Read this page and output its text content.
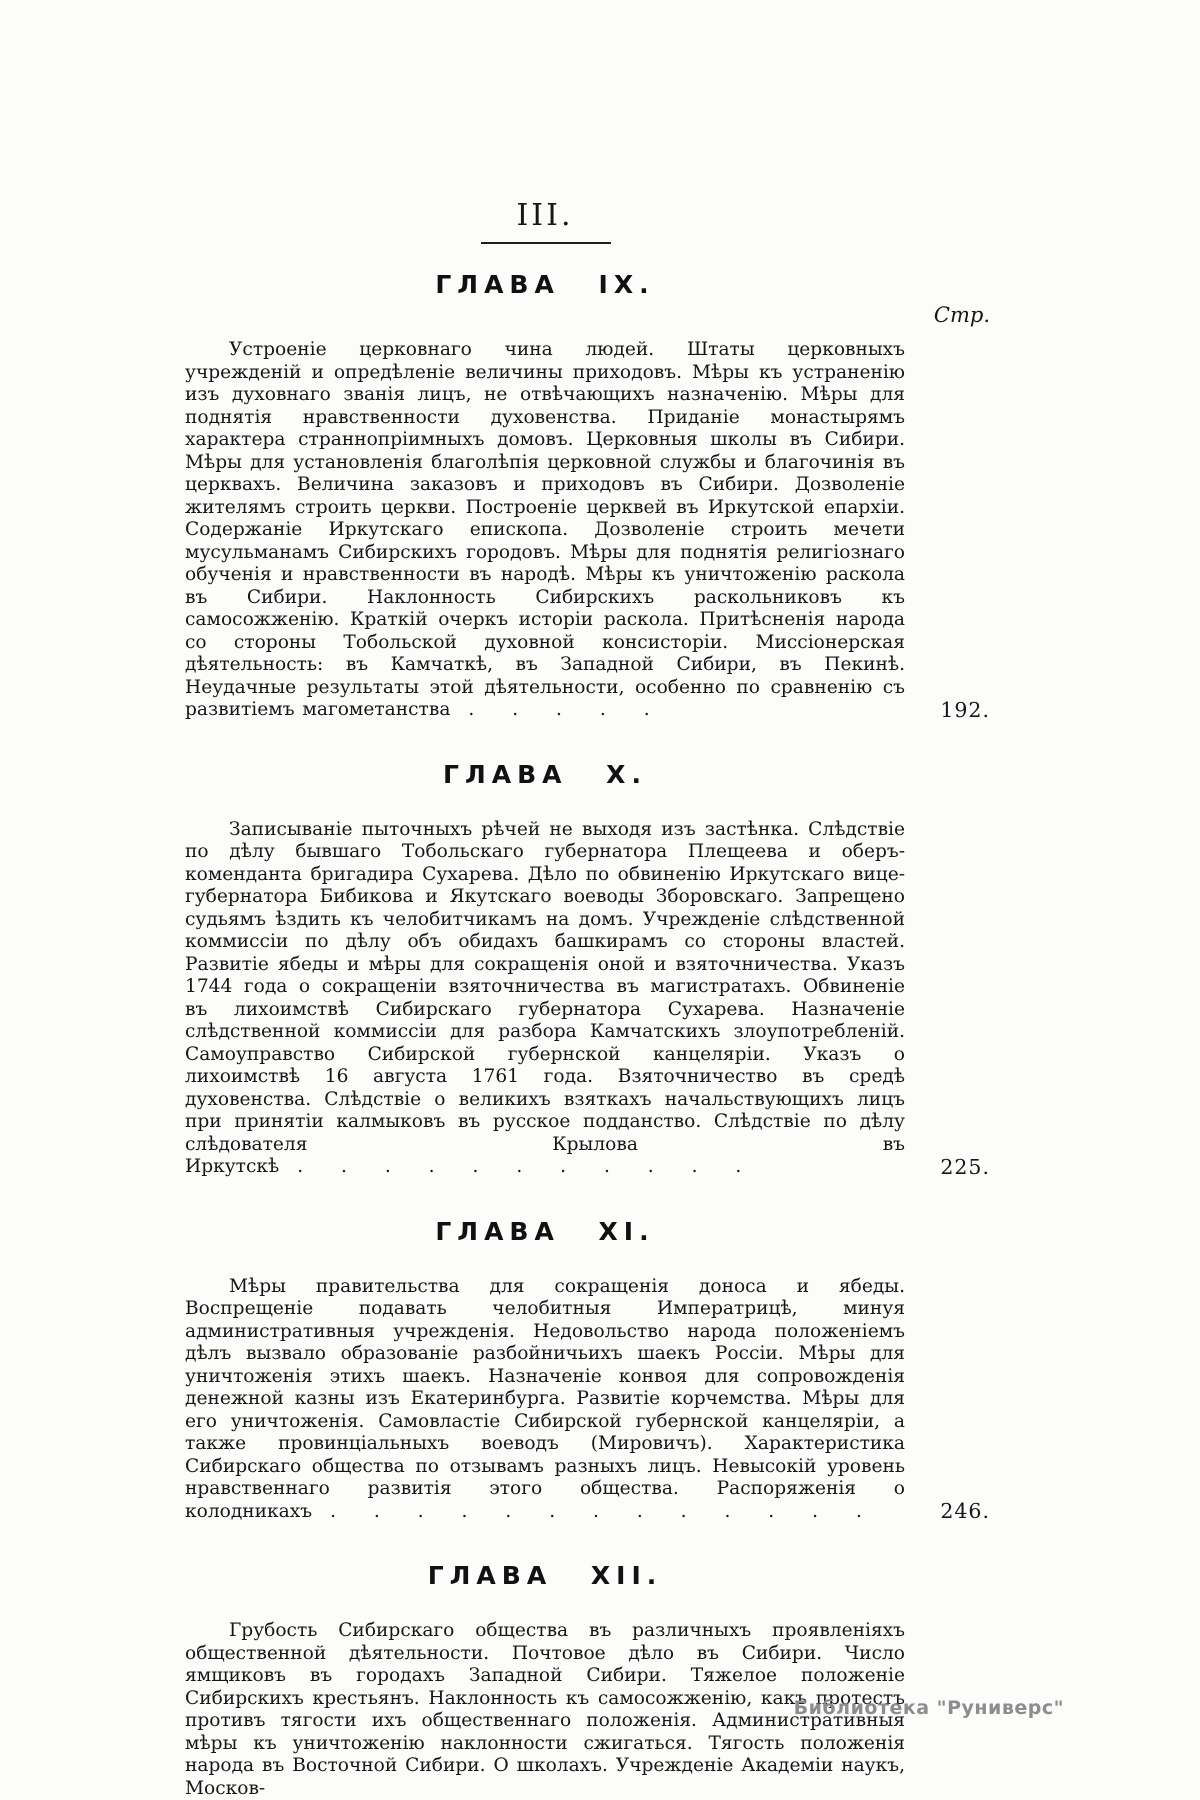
III.
ГЛАВА IX.
Стр.

Устроеніе церковнаго чина людей. Штаты церковныхъ учрежденій и опредѣленіе величины приходовъ. Мѣры къ устраненію изъ духовнаго званія лицъ, не отвѣчающихъ назначенію. Мѣры для поднятія нравственности духовенства. Приданіе монастырямъ характера страннопріимныхъ домовъ. Церковныя школы въ Сибири. Мѣры для установленія благолѣпія церковной службы и благочинія въ церквахъ. Величина заказовъ и приходовъ въ Сибири. Дозволеніе жителямъ строить церкви. Построеніе церквей въ Иркутской епархіи. Содержаніе Иркутскаго епископа. Дозволеніе строить мечети мусульманамъ Сибирскихъ городовъ. Мѣры для поднятія религіознаго обученія и нравственности въ народѣ. Мѣры къ уничтоженію раскола въ Сибири. Наклонность Сибирскихъ раскольниковъ къ самосожженію. Краткій очеркъ исторіи раскола. Притѣсненія народа со стороны Тобольской духовной консисторіи. Миссіонерская дѣятельность: въ Камчаткѣ, въ Западной Сибири, въ Пекинѣ. Неудачные результаты этой дѣятельности, особенно по сравненію съ развитіемъ магометанства . . . . .	192.
ГЛАВА X.

Записываніе пыточныхъ рѣчей не выходя изъ застѣнка. Слѣдствіе по дѣлу бывшаго Тобольскаго губернатора Плещеева и оберъ-коменданта бригадира Сухарева. Дѣло по обвиненію Иркутскаго вице-губернатора Бибикова и Якутскаго воеводы Зборовскаго. Запрещено судьямъ ѣздить къ челобитчикамъ на домъ. Учрежденіе слѣдственной коммиссіи по дѣлу объ обидахъ башкирамъ со стороны властей. Развитіе ябеды и мѣры для сокращенія оной и взяточничества. Указъ 1744 года о сокращеніи взяточничества въ магистратахъ. Обвиненіе въ лихоимствѣ Сибирскаго губернатора Сухарева. Назначеніе слѣдственной коммиссіи для разбора Камчатскихъ злоупотребленій. Самоуправство Сибирской губернской канцеляріи. Указъ о лихоимствѣ 16 августа 1761 года. Взяточничество въ средѣ духовенства. Слѣдствіе о великихъ взяткахъ начальствующихъ лицъ при принятіи калмыковъ въ русское подданство. Слѣдствіе по дѣлу слѣдователя Крылова въ Иркутскѣ . . . . . . . . . . .	225.
ГЛАВА XI.

Мѣры правительства для сокращенія доноса и ябеды. Воспрещеніе подавать челобитныя Императрицѣ, минуя административныя учрежденія. Недовольство народа положеніемъ дѣлъ вызвало образованіе разбойничьихъ шаекъ Россіи. Мѣры для уничтоженія этихъ шаекъ. Назначеніе конвоя для сопровожденія денежной казны изъ Екатеринбурга. Развитіе корчемства. Мѣры для его уничтоженія. Самовластіе Сибирской губернской канцеляріи, а также провинціальныхъ воеводъ (Мировичъ). Характеристика Сибирскаго общества по отзывамъ разныхъ лицъ. Невысокій уровень нравственнаго развитія этого общества. Распоряженія о колодникахъ . . . . . . . . . . . . .	246.
ГЛАВА XII.

Грубость Сибирскаго общества въ различныхъ проявленіяхъ общественной дѣятельности. Почтовое дѣло въ Сибири. Число ямщиковъ въ городахъ Западной Сибири. Тяжелое положеніе Сибирскихъ крестьянъ. Наклонность къ самосожженію, какъ протестъ противъ тягости ихъ общественнаго положенія. Административныя мѣры къ уничтоженію наклонности сжигаться. Тягость положенія народа въ Восточной Сибири. О школахъ. Учрежденіе Академіи наукъ, Москов-

Библиотека "Руниверс"
